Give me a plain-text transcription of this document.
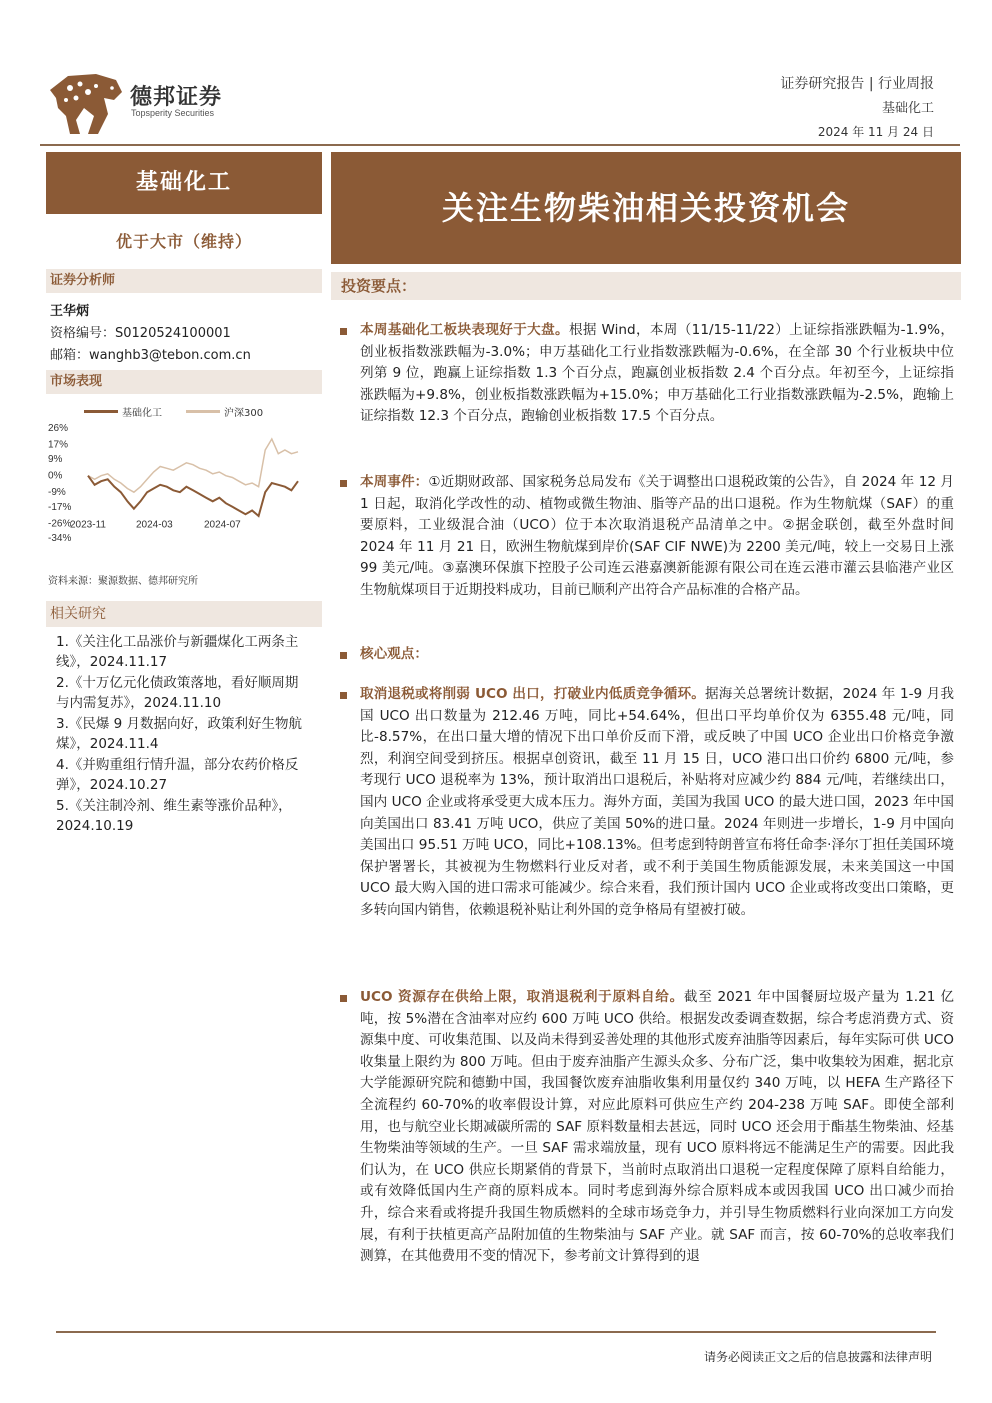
德邦证券
Topsperity Securities
证券研究报告 | 行业周报
基础化工
2024 年 11 月 24 日
基础化工
优于大市（维持）
关注生物柴油相关投资机会
证券分析师
王华炳
资格编号：S0120524100001
邮箱：wanghb3@tebon.com.cn
市场表现
基础化工	沪深300
26%
17%
9%
0%
-9%
-17%
-26%
-34%
2023-11	2024-03	2024-07
资料来源：聚源数据、德邦研究所
相关研究
1.《关注化工品涨价与新疆煤化工两条主线》，2024.11.17
2.《十万亿元化债政策落地，看好顺周期与内需复苏》，2024.11.10
3.《民爆 9 月数据向好，政策利好生物航煤》，2024.11.4
4.《并购重组行情升温，部分农药价格反弹》，2024.10.27
5.《关注制冷剂、维生素等涨价品种》，2024.10.19
投资要点：
本周基础化工板块表现好于大盘。根据 Wind，本周（11/15-11/22）上证综指涨跌幅为-1.9%，创业板指数涨跌幅为-3.0%；申万基础化工行业指数涨跌幅为-0.6%，在全部 30 个行业板块中位列第 9 位，跑赢上证综指数 1.3 个百分点，跑赢创业板指数 2.4 个百分点。年初至今，上证综指涨跌幅为+9.8%，创业板指数涨跌幅为+15.0%；申万基础化工行业指数涨跌幅为-2.5%，跑输上证综指数 12.3 个百分点，跑输创业板指数 17.5 个百分点。
本周事件：①近期财政部、国家税务总局发布《关于调整出口退税政策的公告》，自 2024 年 12 月 1 日起，取消化学改性的动、植物或微生物油、脂等产品的出口退税。作为生物航煤（SAF）的重要原料，工业级混合油（UCO）位于本次取消退税产品清单之中。②据金联创，截至外盘时间 2024 年 11 月 21 日，欧洲生物航煤到岸价(SAF CIF NWE)为 2200 美元/吨，较上一交易日上涨 99 美元/吨。③嘉澳环保旗下控股子公司连云港嘉澳新能源有限公司在连云港市灌云县临港产业区生物航煤项目于近期投料成功，目前已顺利产出符合产品标准的合格产品。
核心观点：
取消退税或将削弱 UCO 出口，打破业内低质竞争循环。据海关总署统计数据，2024 年 1-9 月我国 UCO 出口数量为 212.46 万吨，同比+54.64%，但出口平均单价仅为 6355.48 元/吨，同比-8.57%，在出口量大增的情况下出口单价反而下滑，或反映了中国 UCO 企业出口价格竞争激烈，利润空间受到挤压。根据卓创资讯，截至 11 月 15 日，UCO 港口出口价约 6800 元/吨，参考现行 UCO 退税率为 13%，预计取消出口退税后，补贴将对应减少约 884 元/吨，若继续出口，国内 UCO 企业或将承受更大成本压力。海外方面，美国为我国 UCO 的最大进口国，2023 年中国向美国出口 83.41 万吨 UCO，供应了美国 50%的进口量。2024 年则进一步增长，1-9 月中国向美国出口 95.51 万吨 UCO，同比+108.13%。但考虑到特朗普宣布将任命李·泽尔丁担任美国环境保护署署长，其被视为生物燃料行业反对者，或不利于美国生物质能源发展，未来美国这一中国 UCO 最大购入国的进口需求可能减少。综合来看，我们预计国内 UCO 企业或将改变出口策略，更多转向国内销售，依赖退税补贴让利外国的竞争格局有望被打破。
UCO 资源存在供给上限，取消退税利于原料自给。截至 2021 年中国餐厨垃圾产量为 1.21 亿吨，按 5%潜在含油率对应约 600 万吨 UCO 供给。根据发改委调查数据，综合考虑消费方式、资源集中度、可收集范围、以及尚未得到妥善处理的其他形式废弃油脂等因素后，每年实际可供 UCO 收集量上限约为 800 万吨。但由于废弃油脂产生源头众多、分布广泛，集中收集较为困难，据北京大学能源研究院和德勤中国，我国餐饮废弃油脂收集利用量仅约 340 万吨，以 HEFA 生产路径下全流程约 60-70%的收率假设计算，对应此原料可供应生产约 204-238 万吨 SAF。即使全部利用，也与航空业长期减碳所需的 SAF 原料数量相去甚远，同时 UCO 还会用于酯基生物柴油、烃基生物柴油等领域的生产。一旦 SAF 需求端放量，现有 UCO 原料将远不能满足生产的需要。因此我们认为，在 UCO 供应长期紧俏的背景下，当前时点取消出口退税一定程度保障了原料自给能力，或有效降低国内生产商的原料成本。同时考虑到海外综合原料成本或因我国 UCO 出口减少而抬升，综合来看或将提升我国生物质燃料的全球市场竞争力，并引导生物质燃料行业向深加工方向发展，有利于扶植更高产品附加值的生物柴油与 SAF 产业。就 SAF 而言，按 60-70%的总收率我们测算，在其他费用不变的情况下，参考前文计算得到的退
请务必阅读正文之后的信息披露和法律声明
